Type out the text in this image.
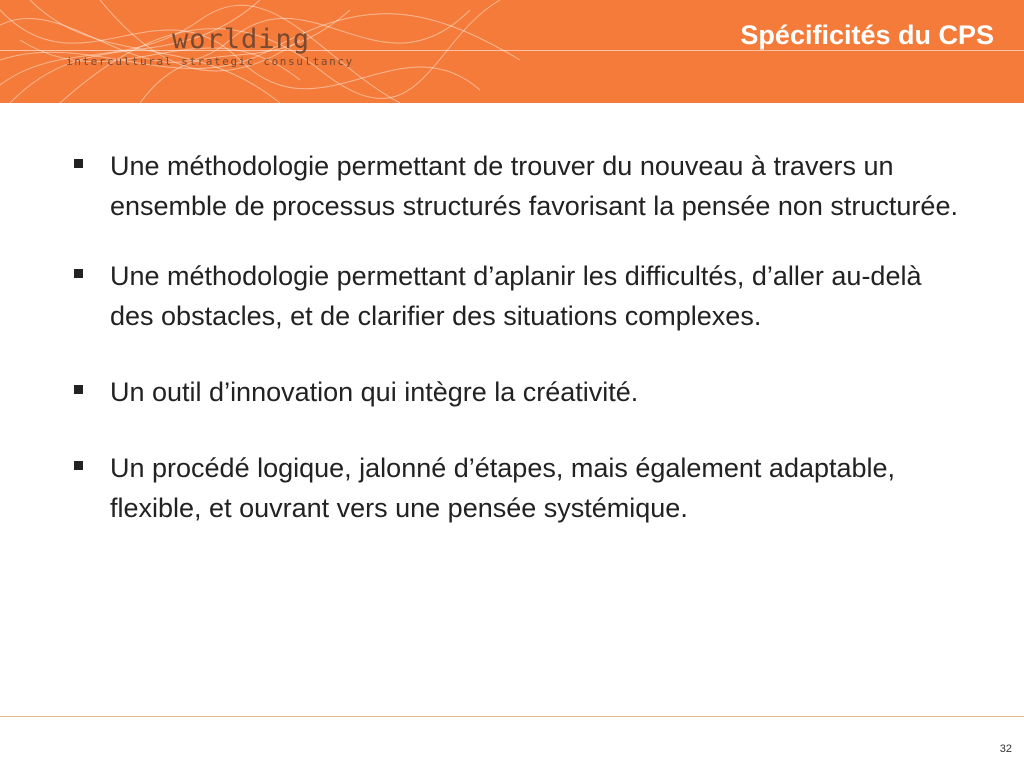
worlding
intercultural strategic consultancy
Spécificités du CPS
Une méthodologie permettant de trouver du nouveau à travers un ensemble de processus structurés favorisant la pensée non structurée.
Une méthodologie permettant d’aplanir les difficultés, d’aller au-delà des obstacles, et de clarifier des situations complexes.
Un outil d’innovation qui intègre la créativité.
Un procédé logique, jalonné d’étapes, mais également adaptable, flexible, et ouvrant vers une pensée systémique.
32
